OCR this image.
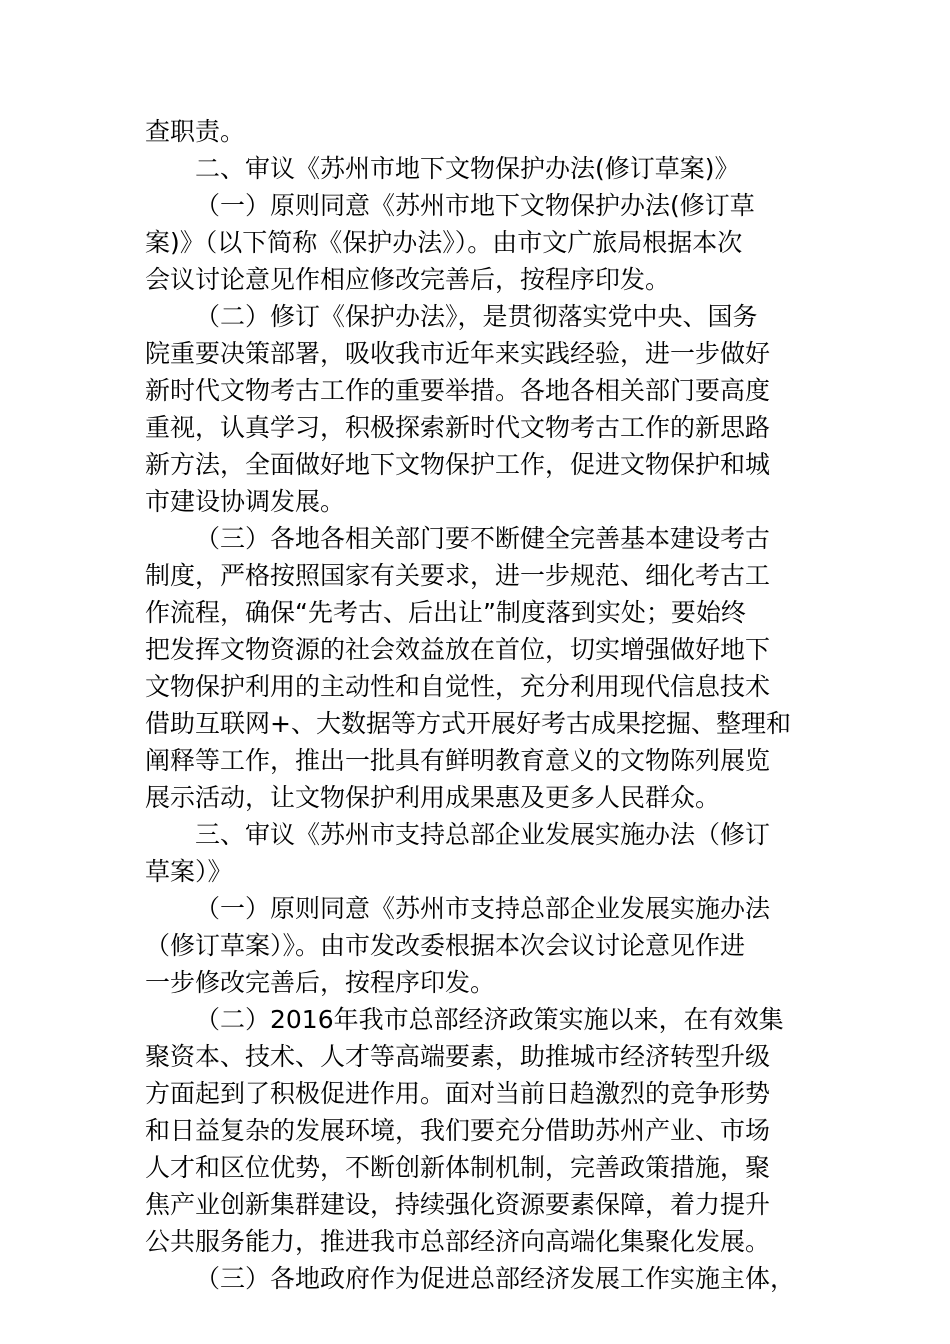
查职责。
二、审议《苏州市地下文物保护办法(修订草案)》
（一）原则同意《苏州市地下文物保护办法(修订草
案)》（以下简称《保护办法》）。由市文广旅局根据本次
会议讨论意见作相应修改完善后，按程序印发。
（二）修订《保护办法》，是贯彻落实党中央、国务
院重要决策部署，吸收我市近年来实践经验，进一步做好
新时代文物考古工作的重要举措。各地各相关部门要高度
重视，认真学习，积极探索新时代文物考古工作的新思路
新方法，全面做好地下文物保护工作，促进文物保护和城
市建设协调发展。
（三）各地各相关部门要不断健全完善基本建设考古
制度，严格按照国家有关要求，进一步规范、细化考古工
作流程，确保“先考古、后出让”制度落到实处；要始终
把发挥文物资源的社会效益放在首位，切实增强做好地下
文物保护利用的主动性和自觉性，充分利用现代信息技术
借助互联网+、大数据等方式开展好考古成果挖掘、整理和
阐释等工作，推出一批具有鲜明教育意义的文物陈列展览
展示活动，让文物保护利用成果惠及更多人民群众。
三、审议《苏州市支持总部企业发展实施办法（修订
草案）》
（一）原则同意《苏州市支持总部企业发展实施办法
（修订草案）》。由市发改委根据本次会议讨论意见作进
一步修改完善后，按程序印发。
（二）2016年我市总部经济政策实施以来，在有效集
聚资本、技术、人才等高端要素，助推城市经济转型升级
方面起到了积极促进作用。面对当前日趋激烈的竞争形势
和日益复杂的发展环境，我们要充分借助苏州产业、市场
人才和区位优势，不断创新体制机制，完善政策措施，聚
焦产业创新集群建设，持续强化资源要素保障，着力提升
公共服务能力，推进我市总部经济向高端化集聚化发展。
（三）各地政府作为促进总部经济发展工作实施主体，
